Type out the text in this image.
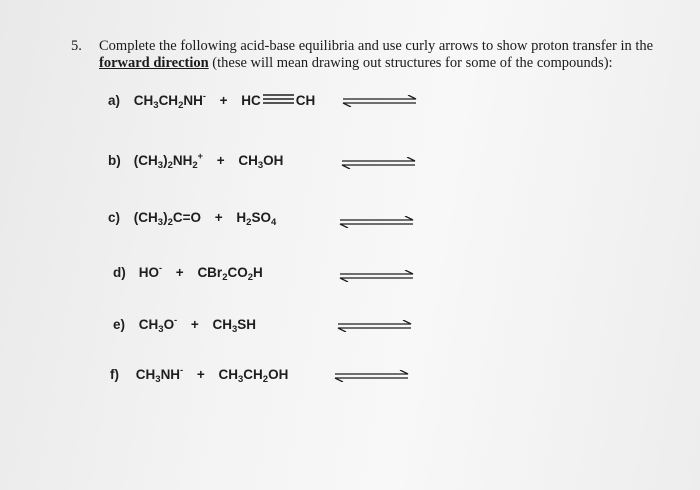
5. Complete the following acid-base equilibria and use curly arrows to show proton transfer in the forward direction (these will mean drawing out structures for some of the compounds):
a) $CH_3CH_2NH^-$ + HC	CH
b) $(CH_3)_2NH_2^+ + CH_3OH$
c) $(CH_3)_2C=O + H_2SO_4$
d) $HO^- + CBr_2CO_2H$
e) $CH_3O^- + CH_3SH$
f) $CH_3NH^- + CH_3CH_2OH$
